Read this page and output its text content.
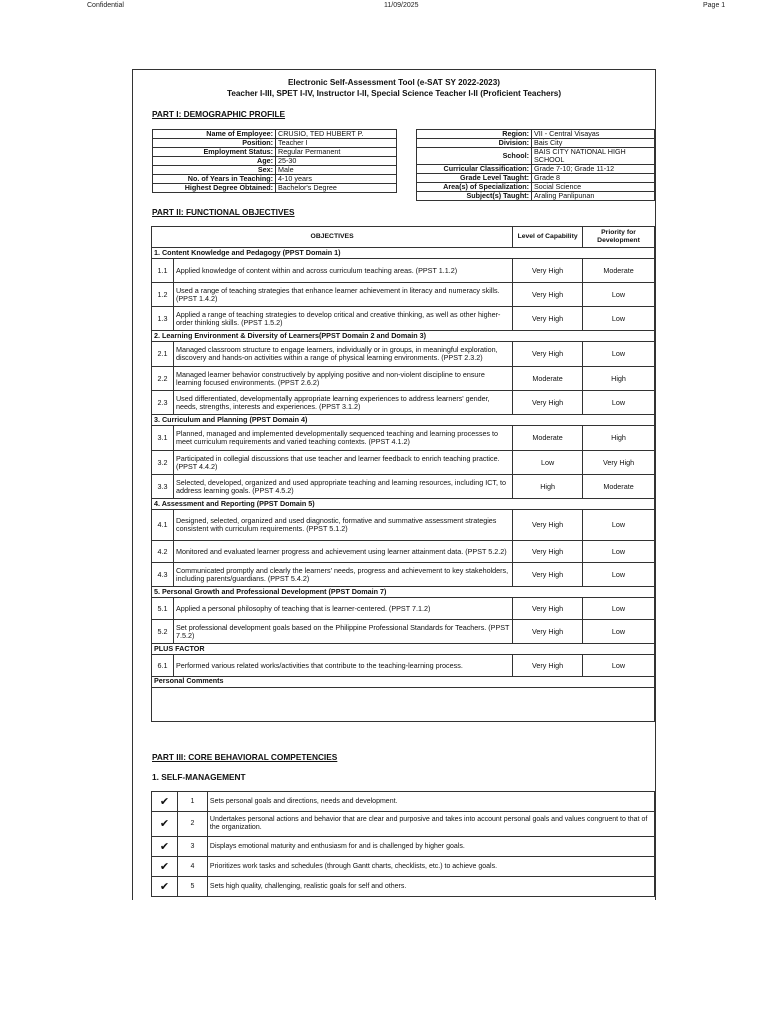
Confidential	11/09/2025	Page 1
Electronic Self-Assessment Tool (e-SAT SY 2022-2023)
Teacher I-III, SPET I-IV, Instructor I-II, Special Science Teacher I-II (Proficient Teachers)
PART I: DEMOGRAPHIC PROFILE
Name of Employee:	CRUSIO, TED HUBERT P.
Position:	Teacher I
Employment Status:	Regular Permanent
Age:	25-30
Sex:	Male
No. of Years in Teaching:	4-10 years
Highest Degree Obtained:	Bachelor's Degree
Region:	VII - Central Visayas
Division:	Bais City
School:	BAIS CITY NATIONAL HIGH SCHOOL
Curricular Classification:	Grade 7-10; Grade 11-12
Grade Level Taught:	Grade 8
Area(s) of Specialization:	Social Science
Subject(s) Taught:	Araling Panlipunan
PART II: FUNCTIONAL OBJECTIVES
OBJECTIVES		Level of Capability	Priority for Development
1. Content Knowledge and Pedagogy (PPST Domain 1)			
1.1	Applied knowledge of content within and across curriculum teaching areas. (PPST 1.1.2)	Very High	Moderate
1.2	Used a range of teaching strategies that enhance learner achievement in literacy and numeracy skills. (PPST 1.4.2)	Very High	Low
1.3	Applied a range of teaching strategies to develop critical and creative thinking, as well as other higher-order thinking skills. (PPST 1.5.2)	Very High	Low
2. Learning Environment & Diversity of Learners(PPST Domain 2 and Domain 3)			
2.1	Managed classroom structure to engage learners, individually or in groups, in meaningful exploration, discovery and hands-on activities within a range of physical learning environments. (PPST 2.3.2)	Very High	Low
2.2	Managed learner behavior constructively by applying positive and non-violent discipline to ensure learning focused environments. (PPST 2.6.2)	Moderate	High
2.3	Used differentiated, developmentally appropriate learning experiences to address learners' gender, needs, strengths, interests and experiences. (PPST 3.1.2)	Very High	Low
3. Curriculum and Planning (PPST Domain 4)			
3.1	Planned, managed and implemented developmentally sequenced teaching and learning processes to meet curriculum requirements and varied teaching contexts. (PPST 4.1.2)	Moderate	High
3.2	Participated in collegial discussions that use teacher and learner feedback to enrich teaching practice. (PPST 4.4.2)	Low	Very High
3.3	Selected, developed, organized and used appropriate teaching and learning resources, including ICT, to address learning goals. (PPST 4.5.2)	High	Moderate
4. Assessment and Reporting (PPST Domain 5)			
4.1	Designed, selected, organized and used diagnostic, formative and summative assessment strategies consistent with curriculum requirements. (PPST 5.1.2)	Very High	Low
4.2	Monitored and evaluated learner progress and achievement using learner attainment data. (PPST 5.2.2)	Very High	Low
4.3	Communicated promptly and clearly the learners' needs, progress and achievement to key stakeholders, including parents/guardians. (PPST 5.4.2)	Very High	Low
5. Personal Growth and Professional Development (PPST Domain 7)			
5.1	Applied a personal philosophy of teaching that is learner-centered. (PPST 7.1.2)	Very High	Low
5.2	Set professional development goals based on the Philippine Professional Standards for Teachers. (PPST 7.5.2)	Very High	Low
PLUS FACTOR			
6.1	Performed various related works/activities that contribute to the teaching-learning process.	Very High	Low
Personal Comments			

PART III: CORE BEHAVIORAL COMPETENCIES
1. SELF-MANAGEMENT
✔	1	Sets personal goals and directions, needs and development.
✔	2	Undertakes personal actions and behavior that are clear and purposive and takes into account personal goals and values congruent to that of the organization.
✔	3	Displays emotional maturity and enthusiasm for and is challenged by higher goals.
✔	4	Prioritizes work tasks and schedules (through Gantt charts, checklists, etc.) to achieve goals.
✔	5	Sets high quality, challenging, realistic goals for self and others.
